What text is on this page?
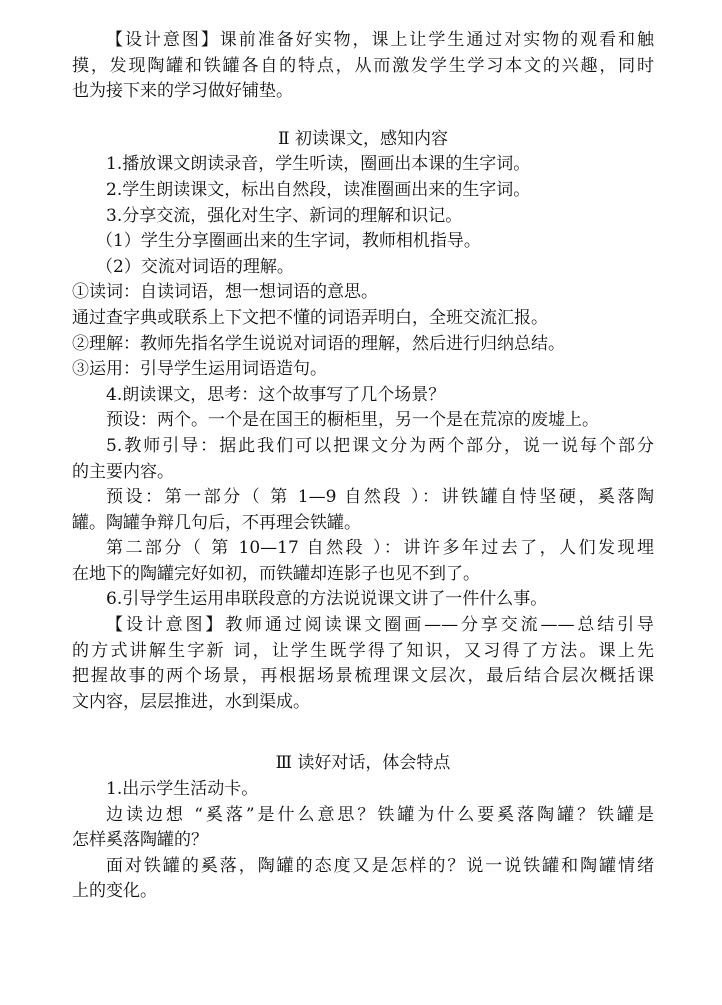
【设计意图】课前准备好实物，课上让学生通过对实物的观看和触
摸，发现陶罐和铁罐各自的特点，从而激发学生学习本文的兴趣，同时
也为接下来的学习做好铺垫。
Ⅱ 初读课文，感知内容
1.播放课文朗读录音，学生听读，圈画出本课的生字词。
2.学生朗读课文，标出自然段，读准圈画出来的生字词。
3.分享交流，强化对生字、新词的理解和识记。
（1）学生分享圈画出来的生字词，教师相机指导。
（2）交流对词语的理解。
①读词：自读词语，想一想词语的意思。
通过查字典或联系上下文把不懂的词语弄明白，全班交流汇报。
②理解：教师先指名学生说说对词语的理解，然后进行归纳总结。
③运用：引导学生运用词语造句。
4.朗读课文，思考：这个故事写了几个场景？
预设：两个。一个是在国王的橱柜里，另一个是在荒凉的废墟上。
5.教师引导：据此我们可以把课文分为两个部分，说一说每个部分
的主要内容。
预设：第一部分（ 第 1—9 自然段 ）：讲铁罐自恃坚硬，奚落陶
罐。陶罐争辩几句后，不再理会铁罐。
第二部分（ 第 10—17 自然段 ）：讲许多年过去了，人们发现埋
在地下的陶罐完好如初，而铁罐却连影子也见不到了。
6.引导学生运用串联段意的方法说说课文讲了一件什么事。
【设计意图】教师通过阅读课文圈画——分享交流——总结引导
的方式讲解生字新 词，让学生既学得了知识，又习得了方法。课上先
把握故事的两个场景，再根据场景梳理课文层次，最后结合层次概括课
文内容，层层推进，水到渠成。
Ⅲ 读好对话，体会特点
1.出示学生活动卡。
边读边想 “奚落”是什么意思？铁罐为什么要奚落陶罐？铁罐是
怎样奚落陶罐的？
面对铁罐的奚落，陶罐的态度又是怎样的？说一说铁罐和陶罐情绪
上的变化。
